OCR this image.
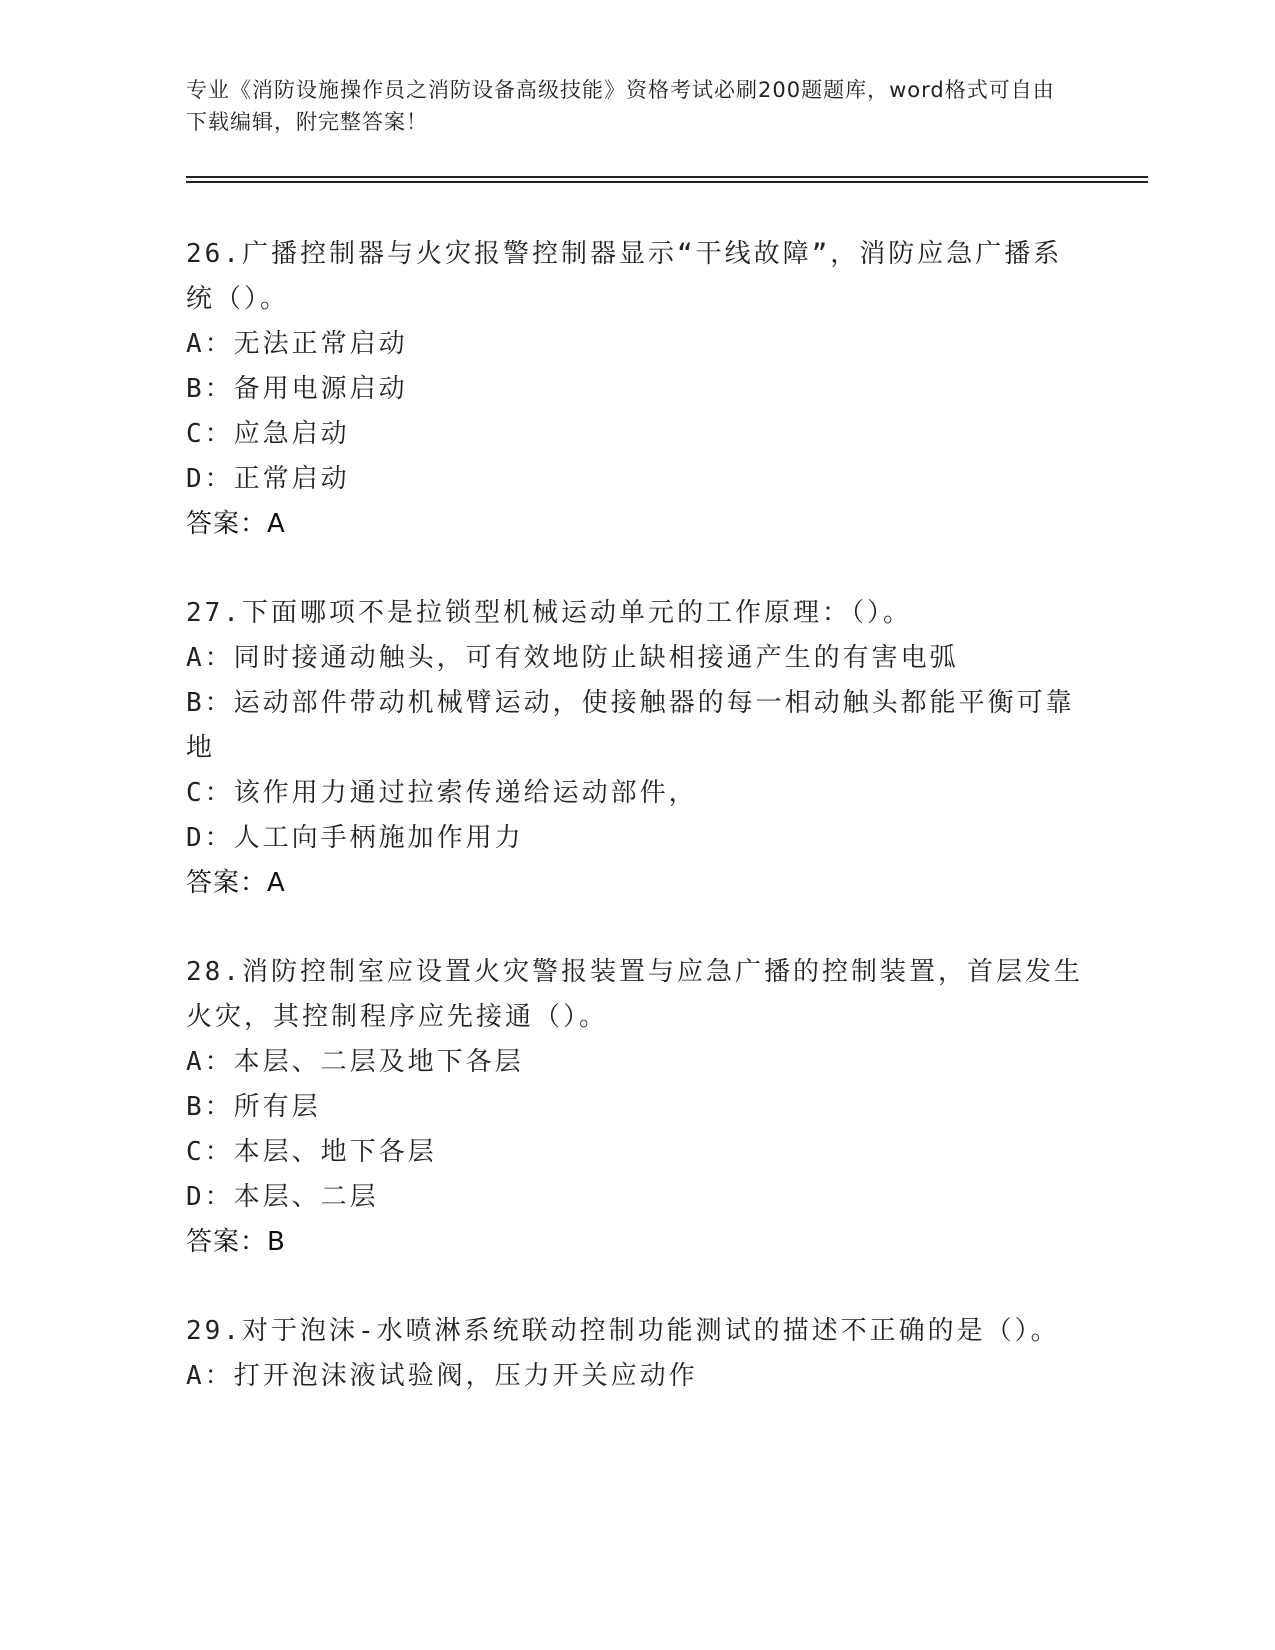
专业《消防设施操作员之消防设备高级技能》资格考试必刷200题题库，word格式可自由下载编辑，附完整答案！
26.广播控制器与火灾报警控制器显示“干线故障”，消防应急广播系统（）。
A：无法正常启动
B：备用电源启动
C：应急启动
D：正常启动
答案：A
27.下面哪项不是拉锁型机械运动单元的工作原理：（）。
A：同时接通动触头，可有效地防止缺相接通产生的有害电弧
B：运动部件带动机械臂运动，使接触器的每一相动触头都能平衡可靠地
C：该作用力通过拉索传递给运动部件，
D：人工向手柄施加作用力
答案：A
28.消防控制室应设置火灾警报装置与应急广播的控制装置，首层发生火灾，其控制程序应先接通（）。
A：本层、二层及地下各层
B：所有层
C：本层、地下各层
D：本层、二层
答案：B
29.对于泡沫-水喷淋系统联动控制功能测试的描述不正确的是（）。
A：打开泡沫液试验阀，压力开关应动作
